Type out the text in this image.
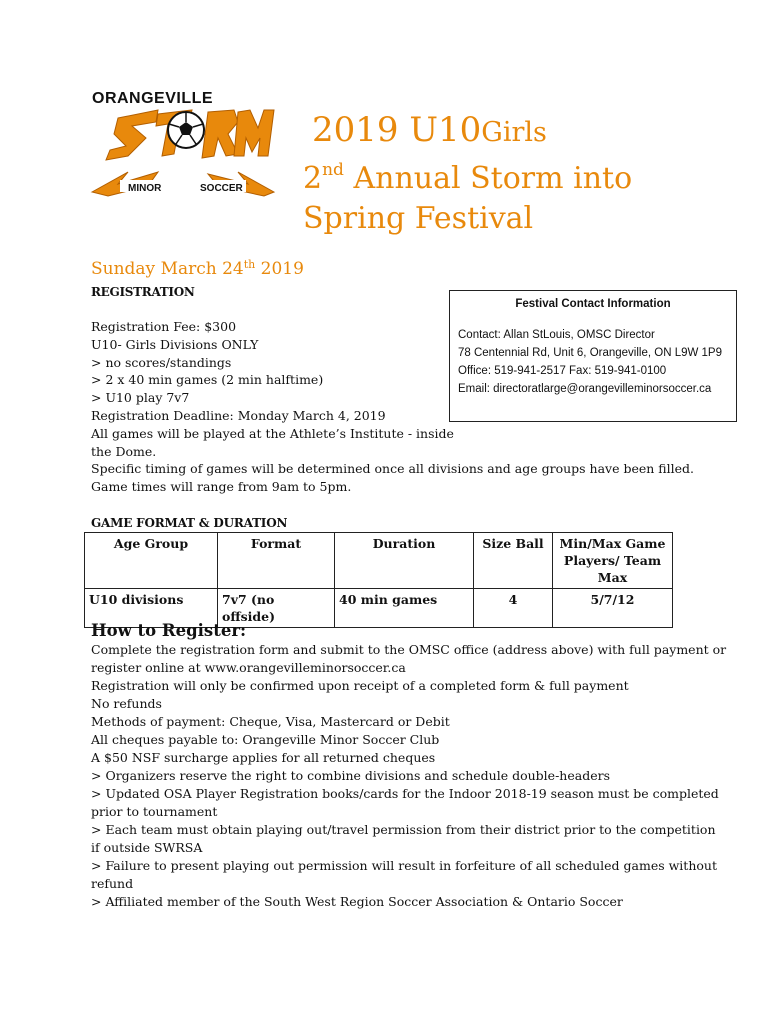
ORANGEVILLE
MINOR	SOCCER
2019 U10Girls
2nd Annual Storm into
Spring Festival
Sunday March 24th 2019
REGISTRATION
Registration Fee: $300
U10- Girls Divisions ONLY
> no scores/standings
> 2 x 40 min games (2 min halftime)
> U10 play 7v7
Registration Deadline: Monday March 4, 2019
All games will be played at the Athlete’s Institute - inside
the Dome.
Specific timing of games will be determined once all divisions and age groups have been filled.
Game times will range from 9am to 5pm.
Festival Contact Information
Contact: Allan StLouis, OMSC Director
78 Centennial Rd, Unit 6, Orangeville, ON L9W 1P9
Office: 519-941-2517 Fax: 519-941-0100
Email: directoratlarge@orangevilleminorsoccer.ca
GAME FORMAT & DURATION
Age Group	Format	Duration	Size Ball	Min/Max Game Players/ Team Max
U10 divisions	7v7 (no offside)	40 min games	4	5/7/12
How to Register:
Complete the registration form and submit to the OMSC office (address above) with full payment or
register online at www.orangevilleminorsoccer.ca
Registration will only be confirmed upon receipt of a completed form & full payment
No refunds
Methods of payment: Cheque, Visa, Mastercard or Debit
All cheques payable to: Orangeville Minor Soccer Club
A $50 NSF surcharge applies for all returned cheques
> Organizers reserve the right to combine divisions and schedule double-headers
> Updated OSA Player Registration books/cards for the Indoor 2018-19 season must be completed
prior to tournament
> Each team must obtain playing out/travel permission from their district prior to the competition
if outside SWRSA
> Failure to present playing out permission will result in forfeiture of all scheduled games without
refund
> Affiliated member of the South West Region Soccer Association & Ontario Soccer
